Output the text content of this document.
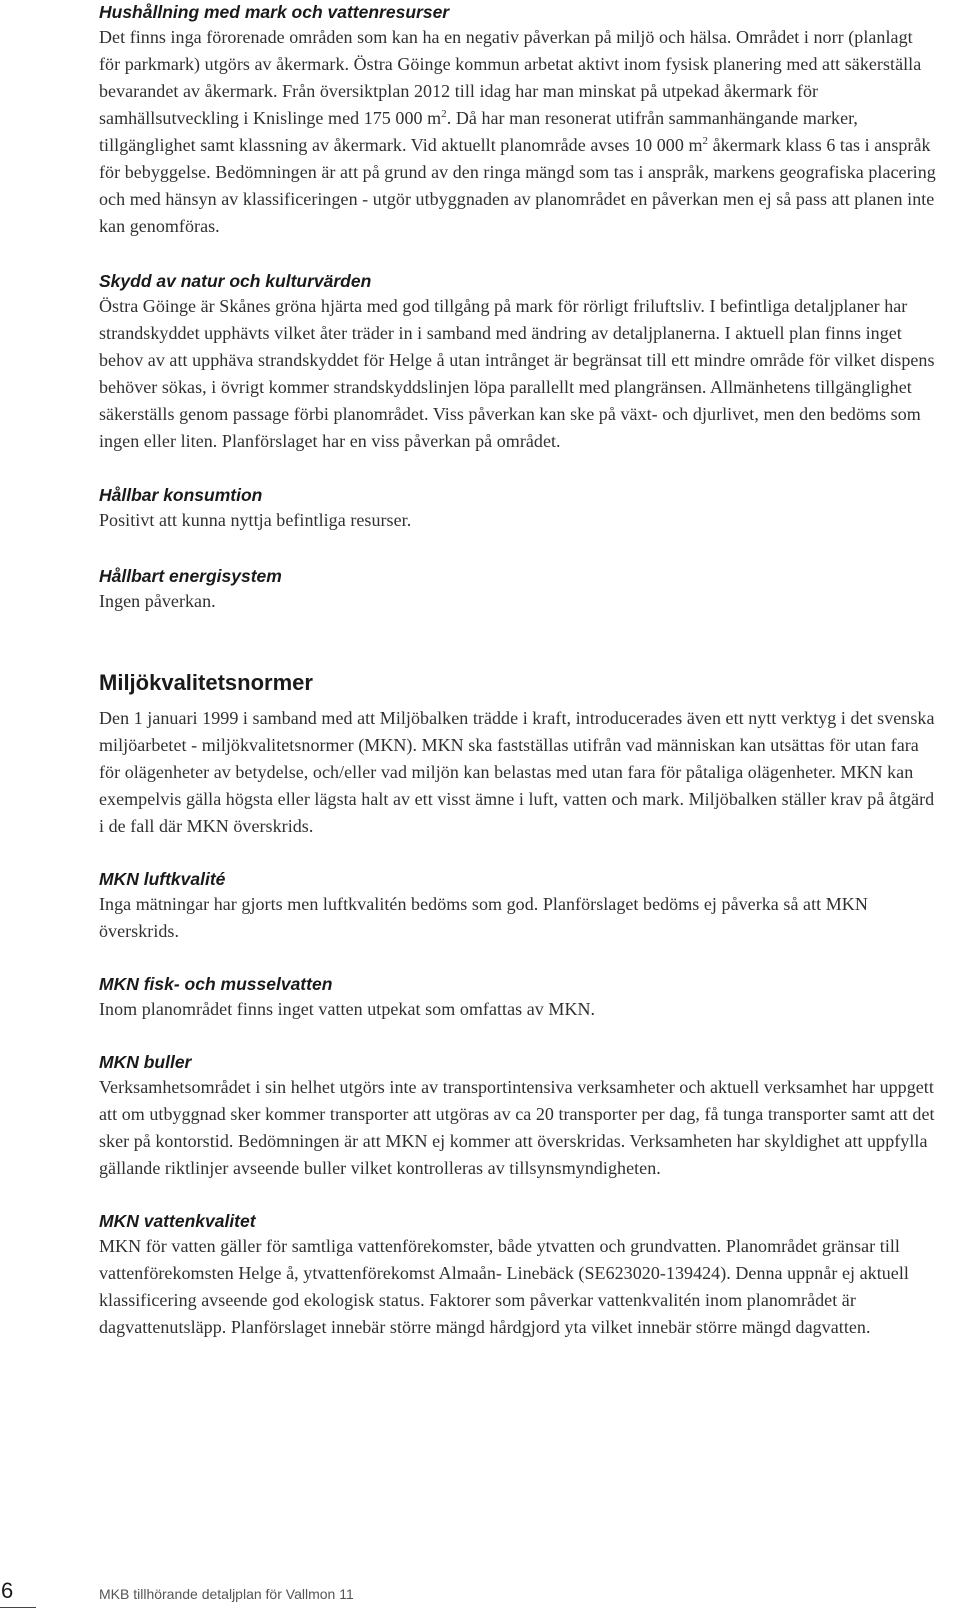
Hushållning med mark och vattenresurser

Det finns inga förorenade områden som kan ha en negativ påverkan på miljö och hälsa. Området i norr (planlagt för parkmark) utgörs av åkermark. Östra Göinge kommun arbetat aktivt inom fysisk planering med att säkerställa bevarandet av åkermark. Från översiktplan 2012 till idag har man minskat på utpekad åkermark för samhällsutveckling i Knislinge med 175 000 $m^2$. Då har man resonerat utifrån sammanhängande marker, tillgänglighet samt klassning av åkermark. Vid aktuellt planområde avses 10 000 $m^2$ åkermark klass 6 tas i anspråk för bebyggelse. Bedömningen är att på grund av den ringa mängd som tas i anspråk, markens geografiska placering och med hänsyn av klassificeringen - utgör utbyggnaden av planområdet en påverkan men ej så pass att planen inte kan genomföras.

Skydd av natur och kulturvärden

Östra Göinge är Skånes gröna hjärta med god tillgång på mark för rörligt friluftsliv. I befintliga detaljplaner har strandskyddet upphävts vilket åter träder in i samband med ändring av detaljplanerna. I aktuell plan finns inget behov av att upphäva strandskyddet för Helge å utan intrånget är begränsat till ett mindre område för vilket dispens behöver sökas, i övrigt kommer strandskyddslinjen löpa parallellt med plangränsen. Allmänhetens tillgänglighet säkerställs genom passage förbi planområdet. Viss påverkan kan ske på växt- och djurlivet, men den bedöms som ingen eller liten. Planförslaget har en viss påverkan på området.

Hållbar konsumtion

Positivt att kunna nyttja befintliga resurser.

Hållbart energisystem

Ingen påverkan.

Miljökvalitetsnormer

Den 1 januari 1999 i samband med att Miljöbalken trädde i kraft, introducerades även ett nytt verktyg i det svenska miljöarbetet - miljökvalitetsnormer (MKN). MKN ska fastställas utifrån vad människan kan utsättas för utan fara för olägenheter av betydelse, och/eller vad miljön kan belastas med utan fara för påtaliga olägenheter. MKN kan exempelvis gälla högsta eller lägsta halt av ett visst ämne i luft, vatten och mark. Miljöbalken ställer krav på åtgärd i de fall där MKN överskrids.

MKN luftkvalité

Inga mätningar har gjorts men luftkvalitén bedöms som god. Planförslaget bedöms ej påverka så att MKN överskrids.

MKN fisk- och musselvatten

Inom planområdet finns inget vatten utpekat som omfattas av MKN.

MKN buller

Verksamhetsområdet i sin helhet utgörs inte av transportintensiva verksamheter och aktuell verksamhet har uppgett att om utbyggnad sker kommer transporter att utgöras av ca 20 transporter per dag, få tunga transporter samt att det sker på kontorstid. Bedömningen är att MKN ej kommer att överskridas. Verksamheten har skyldighet att uppfylla gällande riktlinjer avseende buller vilket kontrolleras av tillsynsmyndigheten.

MKN vattenkvalitet

MKN för vatten gäller för samtliga vattenförekomster, både ytvatten och grundvatten. Planområdet gränsar till vattenförekomsten Helge å, ytvattenförekomst Almaån- Linebäck (SE623020-139424). Denna uppnår ej aktuell klassificering avseende god ekologisk status. Faktorer som påverkar vattenkvalitén inom planområdet är dagvattenutsläpp. Planförslaget innebär större mängd hårdgjord yta vilket innebär större mängd dagvatten.

6	MKB tillhörande detaljplan för Vallmon 11
